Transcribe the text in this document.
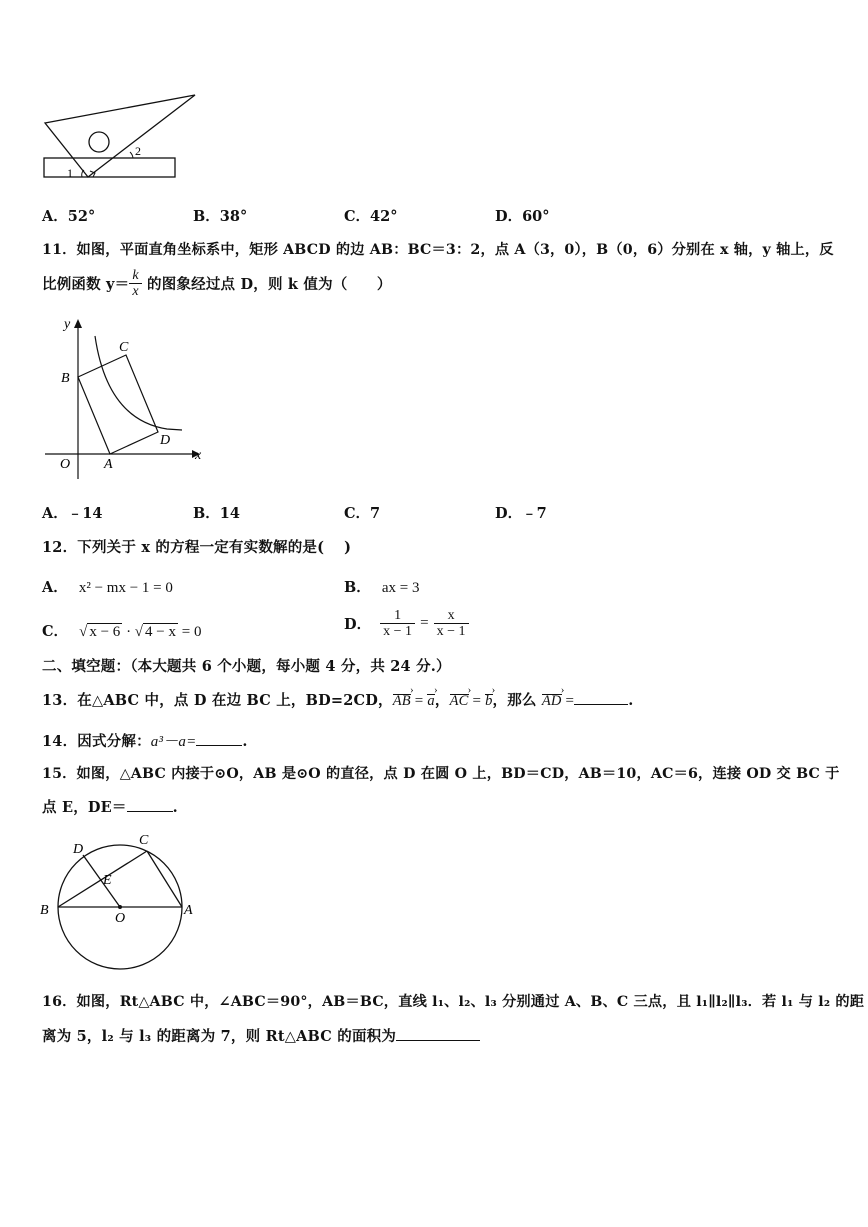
1
2
A．52°	B．38°	C．42°	D．60°
11．如图，平面直角坐标系中，矩形 ABCD 的边 AB：BC＝3：2，点 A（3，0），B（0，6）分别在 x 轴，y 轴上，反
比例函数 $y= \frac{k}{x}$ 的图象经过点 D，则 k 值为（　　）
y
x
O A
B
C
D
A．﹣14	B．14	C．7	D．﹣7
12．下列关于 x 的方程一定有实数解的是(　 )
A． x² − mx − 1 = 0	B． ax = 3
C． √ x − 6 · √ 4 − x = 0	D． $\frac{1}{x - 1} = \frac{x}{x - 1}$
二、填空题：（本大题共 6 个小题，每小题 4 分，共 24 分.）
13．在△ABC 中，点 D 在边 BC 上，BD=2CD，AB › = a ›，AC › = b ›，那么 AD › =	.
14．因式分解：a³－a=	.
15．如图，△ABC 内接于⊙O，AB 是⊙O 的直径，点 D 在圆 O 上，BD＝CD，AB＝10，AC＝6，连接 OD 交 BC 于
点 E，DE＝	.
B	A
C
D
E
O
16．如图，Rt△ABC 中，∠ABC＝90°，AB＝BC，直线 l₁、l₂、l₃ 分别通过 A、B、C 三点，且 l₁∥l₂∥l₃．若 l₁ 与 l₂ 的距
离为 5，l₂ 与 l₃ 的距离为 7，则 Rt△ABC 的面积为
